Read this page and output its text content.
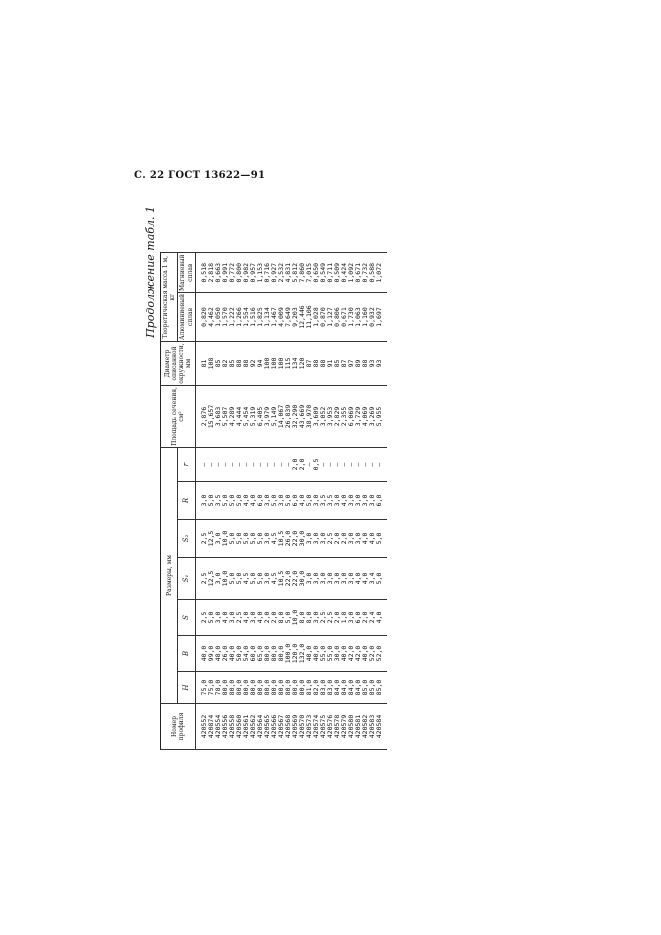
С. 22 ГОСТ 13622—91
Продолжение табл. 1
Номер профиля	Размеры, мм							Площадь сечения, см²	Диаметр описанной окружности, мм	Теоретическая масса 1 м, кг	
	H	B	S	S₁	S₂	R	r			Алюминиевый сплав	Магниевый сплав
420552	75,0	40,0	2,5	2,5	2,5	3,0	—	2,876	81	0,820	0,518
420874	75,0	99,0	5,0	12,5	12,5	5,0	—	15,657	108	4,462	2,818
420554	78,0	48,0	3,0	3,0	3,0	3,5	—	3,683	85	1,050	0,663
420556	80,0	26,0	4,0	10,0	10,0	5,0	—	5,507	82	1,570	0,991
420558	80,0	40,0	3,0	5,0	5,0	5,0	—	4,289	85	1,222	0,772
420560	80,0	50,0	2,5	5,0	5,0	5,0	—	4,444	88	1,266	0,800
420561	80,0	54,0	4,0	4,5	5,0	4,0	—	5,454	88	1,554	0,982
420562	80,0	60,0	3,0	5,0	5,0	4,0	—	5,319	92	1,516	0,957
420564	80,0	65,0	4,0	5,0	5,0	6,0	—	6,405	94	1,825	1,153
420565	80,0	80,0	2,0	3,0	3,0	3,0	—	3,979	100	1,134	0,716
420566	80,0	80,0	2,0	4,5	4,5	5,0	—	5,149	100	1,467	0,927
420567	80,0	80,0	8,0	10,5	10,5	3,0	—	14,067	100	4,009	2,532
420568	80,0	100,0	5,0	22,0	26,0	5,0	—	26,839	115	7,649	4,831
420569	80,0	120,0	10,0	22,0	22,0	6,0	2,0	32,290	134	9,203	5,812
420570	80,0	132,0	8,0	30,0	30,0	4,0	2,0	43,669	120	12,446	7,860
420573	81,0	40,0	8,0	3,0	3,0	5,0	—	38,970	87	11,106	7,015
420574	82,0	40,0	3,0	3,0	3,0	3,0	0,5	3,609	88	1,028	0,650
420575	83,0	55,0	2,5	3,0	3,0	3,5	—	3,052	88	0,870	0,549
420576	83,0	55,0	2,5	3,0	2,5	3,5	—	3,953	91	1,127	0,711
420578	84,0	30,0	2,0	3,0	2,0	3,0	—	2,829	85	0,806	0,509
420579	84,0	40,0	1,8	3,0	2,0	4,0	—	2,355	87	0,671	0,424
420580	84,0	42,0	3,0	3,0	3,0	3,0	—	6,069	97	1,730	1,092
420581	84,0	42,0	6,0	4,0	3,0	3,0	—	3,729	89	1,063	0,671
420582	85,0	40,0	2,0	4,0	4,0	3,0	—	4,069	88	1,160	0,732
420583	85,0	52,0	2,4	3,4	4,0	3,0	—	3,269	93	0,932	0,588
420584	85,0	52,0	4,0	5,0	5,0	6,0	—	5,955	93	1,697	1,072
